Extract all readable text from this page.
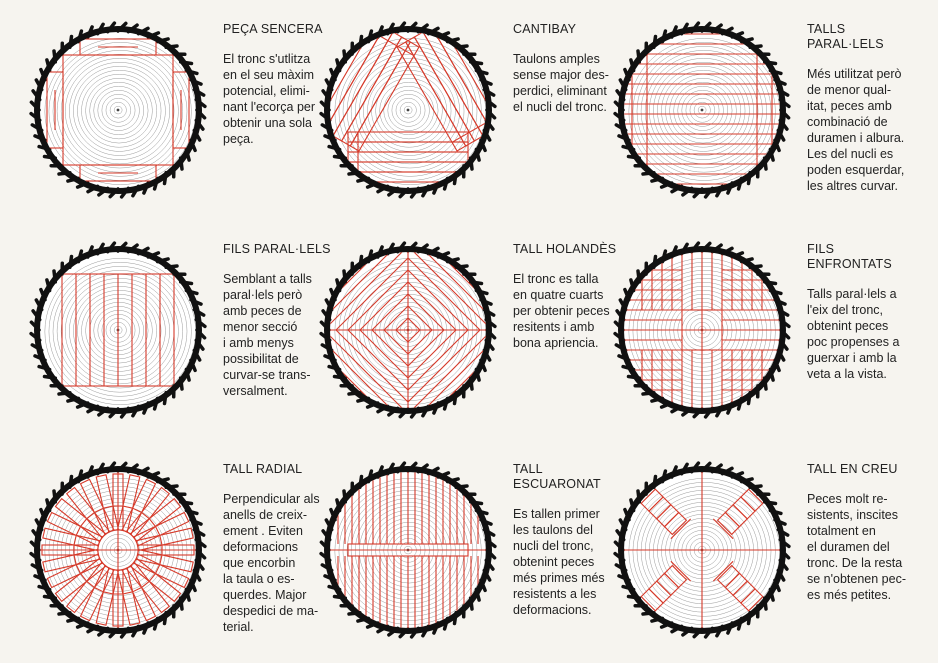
PEÇA SENCERA

El tronc s'utlitza
en el seu màxim
potencial, elimi-
nant l'ecorça per
obtenir una sola
peça.

CANTIBAY

Taulons amples
sense major des-
perdici, eliminant
el nucli del tronc.

TALLS
PARAL·LELS

Més utilitzat però
de menor qual-
itat, peces amb
combinació de
duramen i albura.
Les del nucli es
poden esquerdar,
les altres curvar.

FILS PARAL·LELS

Semblant a talls
paral·lels però
amb peces de
menor secció
i amb menys
possibilitat de
curvar-se trans-
versalment.

TALL HOLANDÈS

El tronc es talla
en quatre cuarts
per obtenir peces
resitents i amb
bona apriencia.

FILS
ENFRONTATS

Talls paral·lels a
l'eix del tronc,
obtenint peces
poc propenses a
guerxar i amb la
veta a la vista.

TALL RADIAL

Perpendicular als
anells de creix-
ement . Eviten
deformacions
que encorbin
la taula o es-
querdes. Major
despedici de ma-
terial.

TALL
ESCUARONAT

Es tallen primer
les taulons del
nucli del tronc,
obtenint peces
més primes més
resistents a les
deformacions.

TALL EN CREU

Peces molt re-
sistents, inscites
totalment en
el duramen del
tronc. De la resta
se n'obtenen pec-
es més petites.
